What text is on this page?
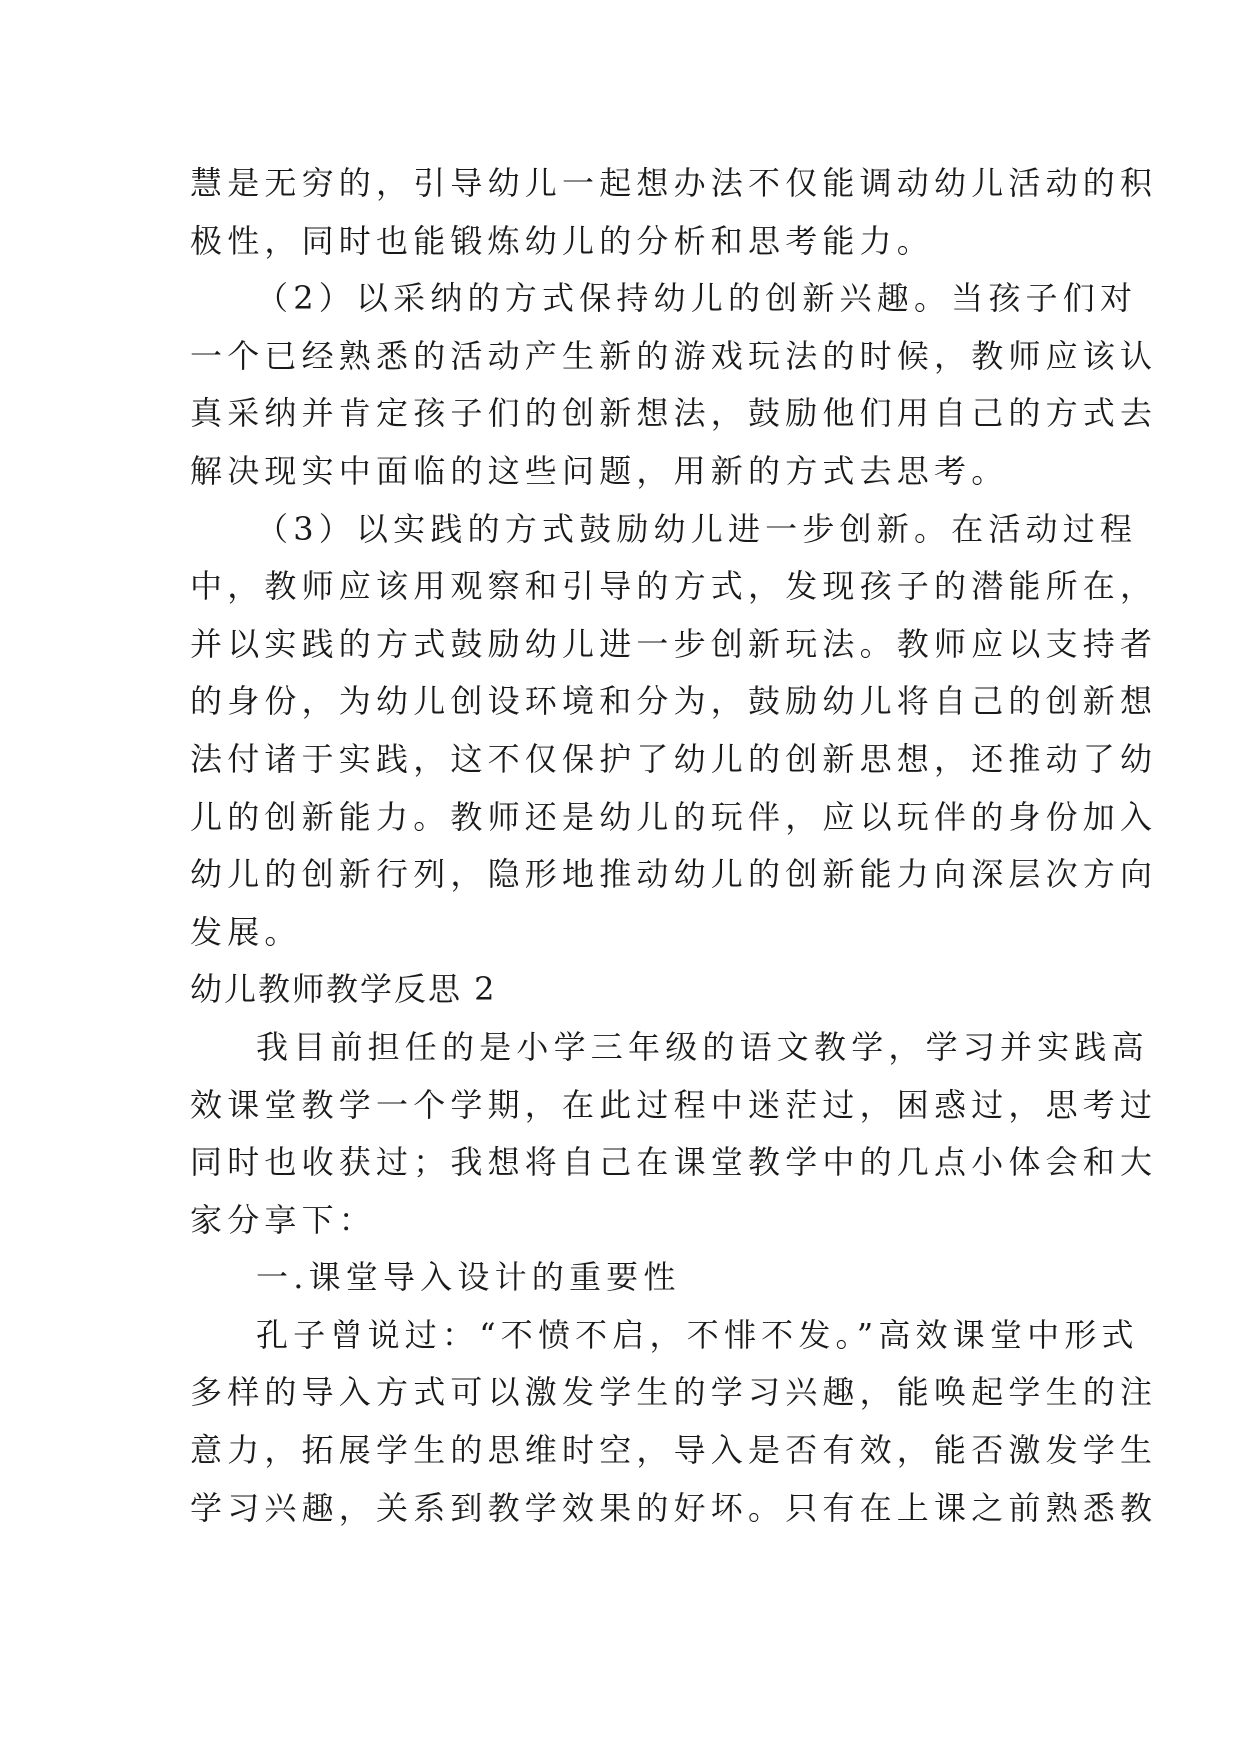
慧是无穷的，引导幼儿一起想办法不仅能调动幼儿活动的积
极性，同时也能锻炼幼儿的分析和思考能力。
（2）以采纳的方式保持幼儿的创新兴趣。当孩子们对
一个已经熟悉的活动产生新的游戏玩法的时候，教师应该认
真采纳并肯定孩子们的创新想法，鼓励他们用自己的方式去
解决现实中面临的这些问题，用新的方式去思考。
（3）以实践的方式鼓励幼儿进一步创新。在活动过程
中，教师应该用观察和引导的方式，发现孩子的潜能所在，
并以实践的方式鼓励幼儿进一步创新玩法。教师应以支持者
的身份，为幼儿创设环境和分为，鼓励幼儿将自己的创新想
法付诸于实践，这不仅保护了幼儿的创新思想，还推动了幼
儿的创新能力。教师还是幼儿的玩伴，应以玩伴的身份加入
幼儿的创新行列，隐形地推动幼儿的创新能力向深层次方向
发展。
幼儿教师教学反思 2
我目前担任的是小学三年级的语文教学，学习并实践高
效课堂教学一个学期，在此过程中迷茫过，困惑过，思考过
同时也收获过；我想将自己在课堂教学中的几点小体会和大
家分享下：
一.课堂导入设计的重要性
孔子曾说过：“不愤不启，不悱不发。”高效课堂中形式
多样的导入方式可以激发学生的学习兴趣，能唤起学生的注
意力，拓展学生的思维时空，导入是否有效，能否激发学生
学习兴趣，关系到教学效果的好坏。只有在上课之前熟悉教
